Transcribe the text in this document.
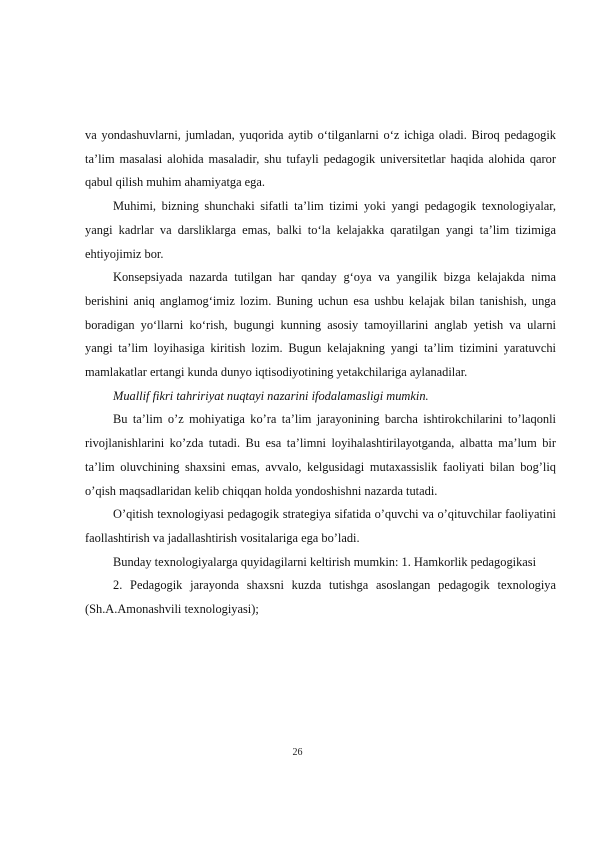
va yondashuvlarni, jumladan, yuqorida aytib o‘tilganlarni o‘z ichiga oladi. Biroq pedagogik ta’lim masalasi alohida masaladir, shu tufayli pedagogik universitetlar haqida alohida qaror qabul qilish muhim ahamiyatga ega.

Muhimi, bizning shunchaki sifatli ta’lim tizimi yoki yangi pedagogik texnologiyalar, yangi kadrlar va darsliklarga emas, balki to‘la kelajakka qaratilgan yangi ta’lim tizimiga ehtiyojimiz bor.

Konsepsiyada nazarda tutilgan har qanday g‘oya va yangilik bizga kelajakda nima berishini aniq anglamog‘imiz lozim. Buning uchun esa ushbu kelajak bilan tanishish, unga boradigan yo‘llarni ko‘rish, bugungi kunning asosiy tamoyillarini anglab yetish va ularni yangi ta’lim loyihasiga kiritish lozim. Bugun kelajakning yangi ta’lim tizimini yaratuvchi mamlakatlar ertangi kunda dunyo iqtisodiyotining yetakchilariga aylanadilar.

Muallif fikri tahririyat nuqtayi nazarini ifodalamasligi mumkin.

Bu ta’lim o’z mohiyatiga ko’ra ta’lim jarayonining barcha ishtirokchilarini to’laqonli rivojlanishlarini ko’zda tutadi. Bu esa ta’limni loyihalashtirilayotganda, albatta ma’lum bir ta’lim oluvchining shaxsini emas, avvalo, kelgusidagi mutaxassislik faoliyati bilan bog’liq o’qish maqsadlaridan kelib chiqqan holda yondoshishni nazarda tutadi.

O’qitish texnologiyasi pedagogik strategiya sifatida o’quvchi va o’qituvchilar faoliyatini faollashtirish va jadallashtirish vositalariga ega bo’ladi.

Bunday texnologiyalarga quyidagilarni keltirish mumkin: 1. Hamkorlik pedagogikasi

2. Pedagogik jarayonda shaxsni kuzda tutishga asoslangan pedagogik texnologiya (Sh.A.Amonashvili texnologiyasi);

26
